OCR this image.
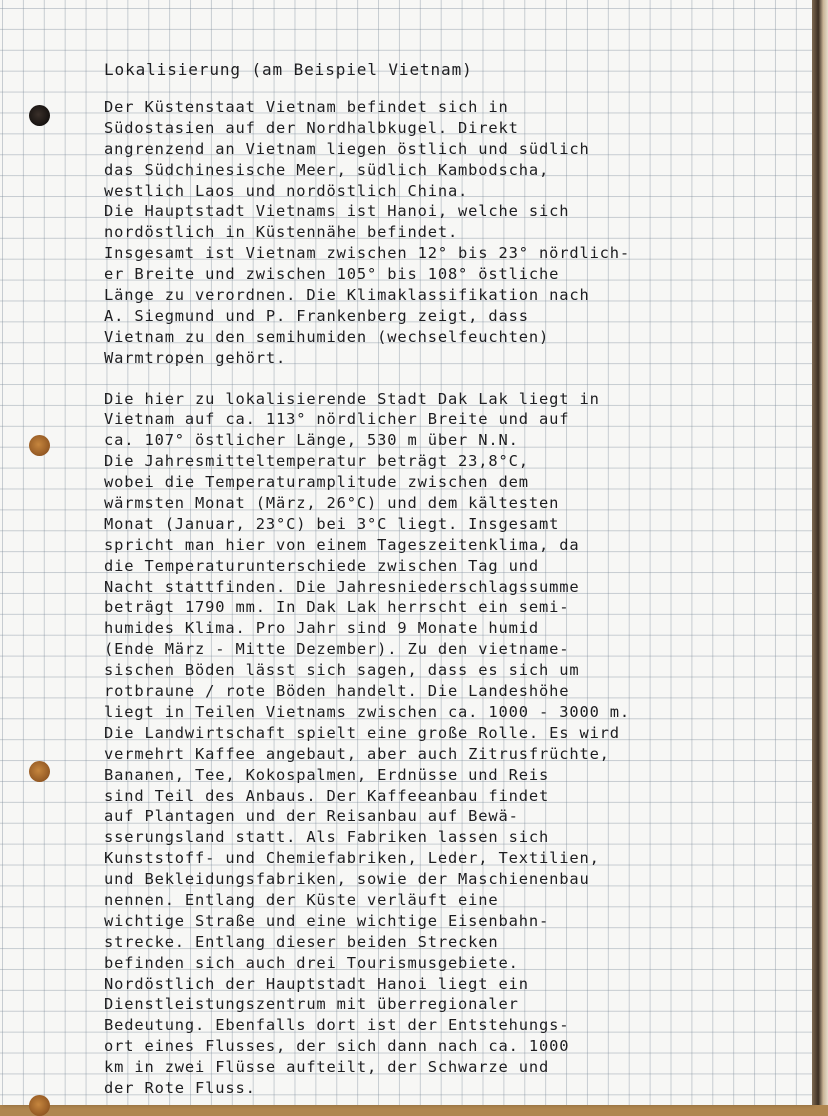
Lokalisierung (am Beispiel Vietnam)
Der Küstenstaat Vietnam befindet sich in
Südostasien auf der Nordhalbkugel. Direkt
angrenzend an Vietnam liegen östlich und südlich
das Südchinesische Meer, südlich Kambodscha,
westlich Laos und nordöstlich China.
Die Hauptstadt Vietnams ist Hanoi, welche sich
nordöstlich in Küstennähe befindet.
Insgesamt ist Vietnam zwischen 12° bis 23° nördlich-
er Breite und zwischen 105° bis 108° östliche
Länge zu verordnen. Die Klimaklassifikation nach
A. Siegmund und P. Frankenberg zeigt, dass
Vietnam zu den semihumiden (wechselfeuchten)
Warmtropen gehört.
Die hier zu lokalisierende Stadt Dak Lak liegt in
Vietnam auf ca. 113° nördlicher Breite und auf
ca. 107° östlicher Länge, 530 m über N.N.
Die Jahresmitteltemperatur beträgt 23,8°C,
wobei die Temperaturamplitude zwischen dem
wärmsten Monat (März, 26°C) und dem kältesten
Monat (Januar, 23°C) bei 3°C liegt. Insgesamt
spricht man hier von einem Tageszeitenklima, da
die Temperaturunterschiede zwischen Tag und
Nacht stattfinden. Die Jahresniederschlagssumme
beträgt 1790 mm. In Dak Lak herrscht ein semi-
humides Klima. Pro Jahr sind 9 Monate humid
(Ende März - Mitte Dezember). Zu den vietname-
sischen Böden lässt sich sagen, dass es sich um
rotbraune / rote Böden handelt. Die Landeshöhe
liegt in Teilen Vietnams zwischen ca. 1000 - 3000 m.
Die Landwirtschaft spielt eine große Rolle. Es wird
vermehrt Kaffee angebaut, aber auch Zitrusfrüchte,
Bananen, Tee, Kokospalmen, Erdnüsse und Reis
sind Teil des Anbaus. Der Kaffeeanbau findet
auf Plantagen und der Reisanbau auf Bewä-
sserungsland statt. Als Fabriken lassen sich
Kunststoff- und Chemiefabriken, Leder, Textilien,
und Bekleidungsfabriken, sowie der Maschienenbau
nennen. Entlang der Küste verläuft eine
wichtige Straße und eine wichtige Eisenbahn-
strecke. Entlang dieser beiden Strecken
befinden sich auch drei Tourismusgebiete.
Nordöstlich der Hauptstadt Hanoi liegt ein
Dienstleistungszentrum mit überregionaler
Bedeutung. Ebenfalls dort ist der Entstehungs-
ort eines Flusses, der sich dann nach ca. 1000
km in zwei Flüsse aufteilt, der Schwarze und
der Rote Fluss.
